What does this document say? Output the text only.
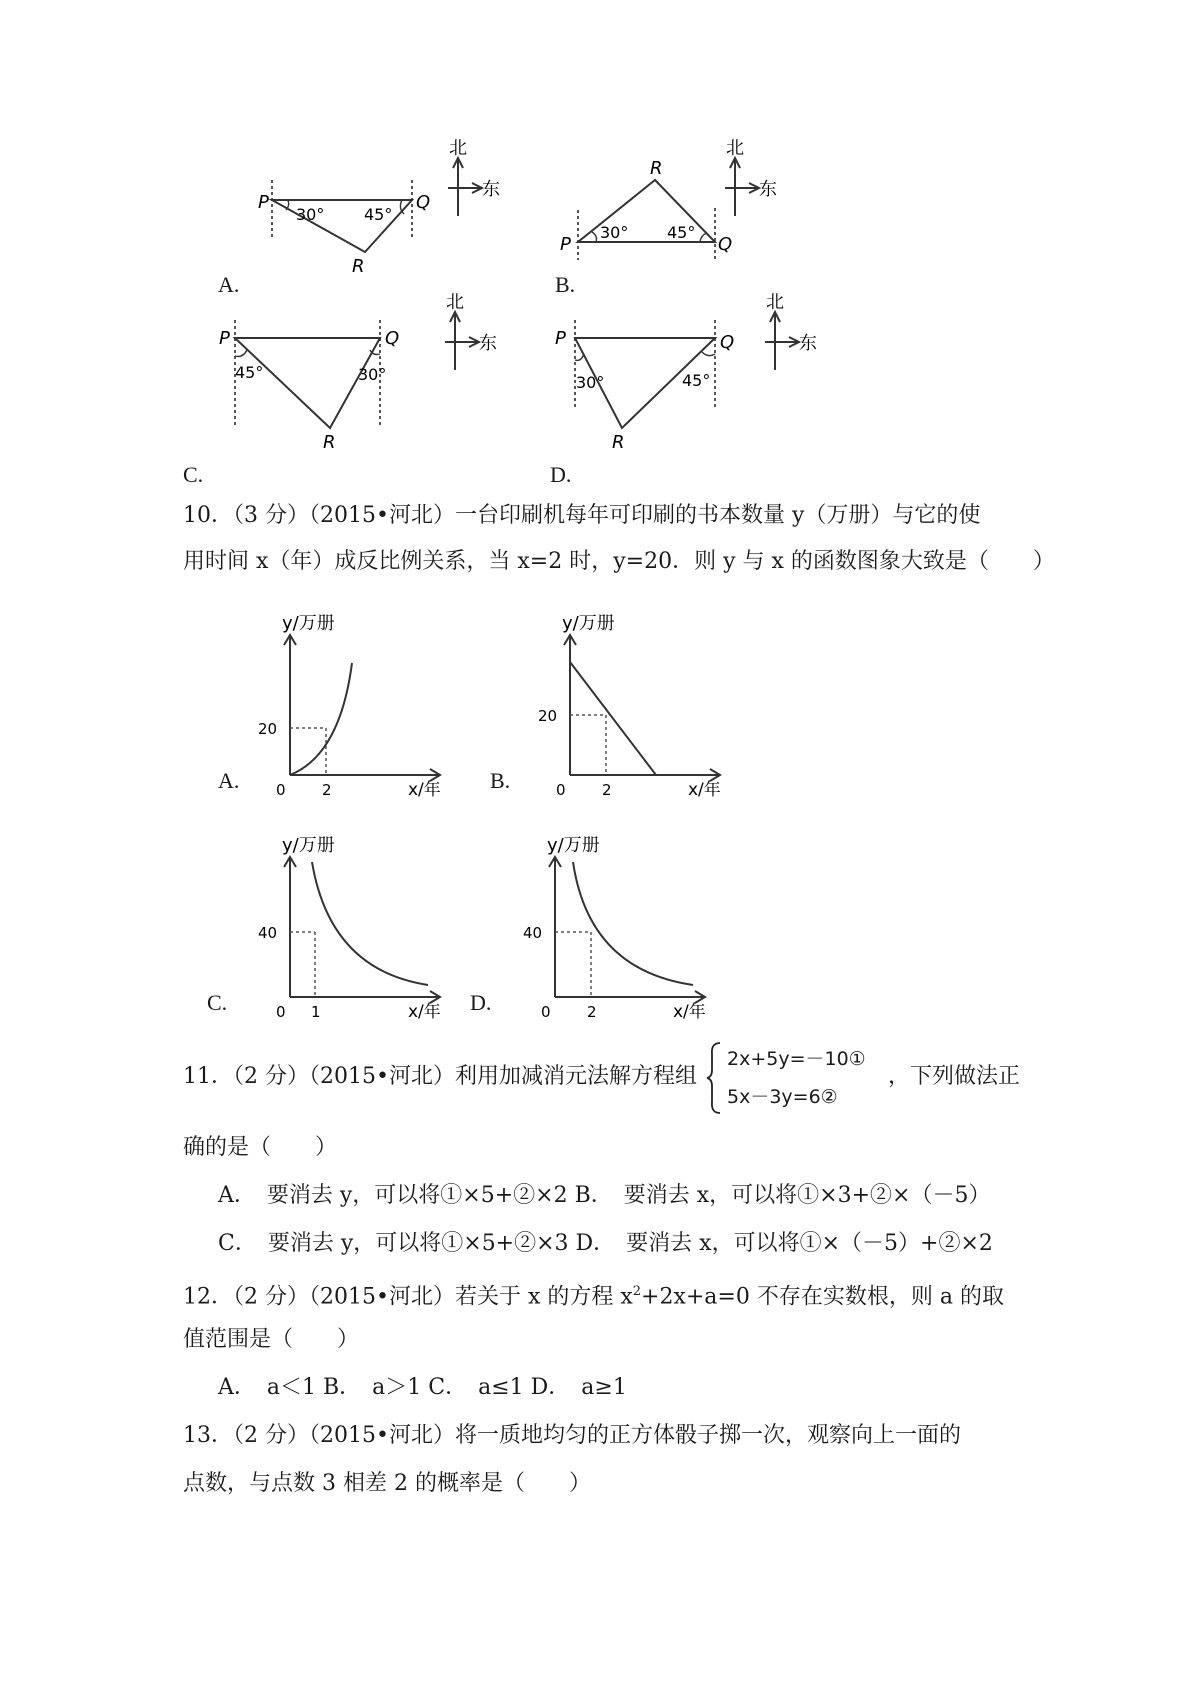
P	Q
R
30° 45°
北
东
A.
P	Q
R
30° 45°
北
东
B.
P	Q
R
45°	30°
北
东
C.
P	Q
R
30°	45°
北
东
D.
10．（3 分）（2015•河北）一台印刷机每年可印刷的书本数量 y（万册）与它的使
用时间 x（年）成反比例关系，当 x=2 时，y=20．则 y 与 x 的函数图象大致是（　　）
y/万册
x/年
0 2
20
A.
y/万册
x/年
0 2
20
B.
y/万册
x/年
0 1
40
C.
y/万册
x/年
0 2
40
D.
11．（2 分）（2015•河北）利用加减消元法解方程组
2x+5y=－10①
5x－3y=6②
，下列做法正
确的是（　　）
A．　要消去 y，可以将①×5+②×2 B．　要消去 x，可以将①×3+②×（－5）
C．　要消去 y，可以将①×5+②×3 D．　要消去 x，可以将①×（－5）+②×2
12．（2 分）（2015•河北）若关于 x 的方程 $x^2+2x+a=0$ 不存在实数根，则 a 的取
值范围是（　　）
A．　a＜1 B．　a＞1 C．　a≤1 D．　a≥1
13．（2 分）（2015•河北）将一质地均匀的正方体骰子掷一次，观察向上一面的
点数，与点数 3 相差 2 的概率是（　　）
